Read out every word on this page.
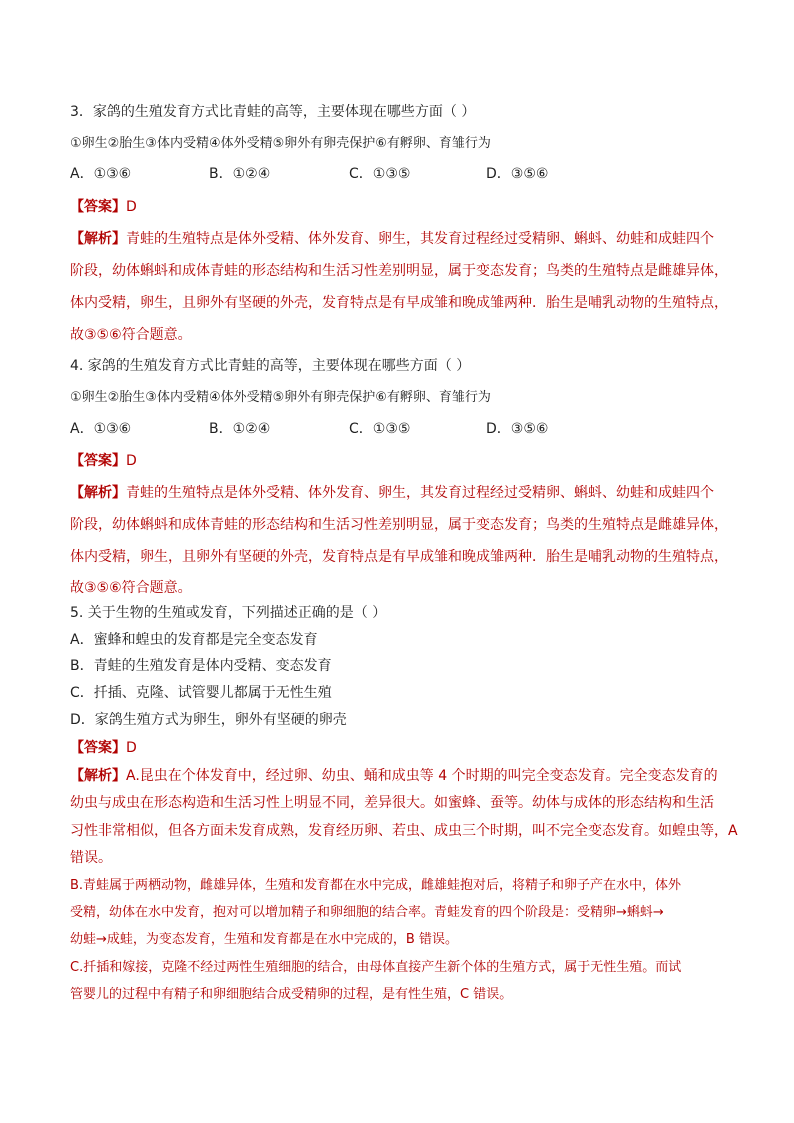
3．家鸽的生殖发育方式比青蛙的高等，主要体现在哪些方面（ ）
①卵生②胎生③体内受精④体外受精⑤卵外有卵壳保护⑥有孵卵、育雏行为
A．①③⑥	B．①②④	C．①③⑤	D．③⑤⑥
【答案】D
【解析】青蛙的生殖特点是体外受精、体外发育、卵生，其发育过程经过受精卵、蝌蚪、幼蛙和成蛙四个
阶段，幼体蝌蚪和成体青蛙的形态结构和生活习性差别明显，属于变态发育；鸟类的生殖特点是雌雄异体，
体内受精，卵生，且卵外有坚硬的外壳，发育特点是有早成雏和晚成雏两种．胎生是哺乳动物的生殖特点，
故③⑤⑥符合题意。
4. 家鸽的生殖发育方式比青蛙的高等，主要体现在哪些方面（ ）
①卵生②胎生③体内受精④体外受精⑤卵外有卵壳保护⑥有孵卵、育雏行为
A．①③⑥	B．①②④	C．①③⑤	D．③⑤⑥
【答案】D
【解析】青蛙的生殖特点是体外受精、体外发育、卵生，其发育过程经过受精卵、蝌蚪、幼蛙和成蛙四个
阶段，幼体蝌蚪和成体青蛙的形态结构和生活习性差别明显，属于变态发育；鸟类的生殖特点是雌雄异体，
体内受精，卵生，且卵外有坚硬的外壳，发育特点是有早成雏和晚成雏两种．胎生是哺乳动物的生殖特点，
故③⑤⑥符合题意。
5. 关于生物的生殖或发育，下列描述正确的是（ ）
A．蜜蜂和蝗虫的发育都是完全变态发育
B．青蛙的生殖发育是体内受精、变态发育
C．扦插、克隆、试管婴儿都属于无性生殖
D．家鸽生殖方式为卵生，卵外有坚硬的卵壳
【答案】D
【解析】A.昆虫在个体发育中，经过卵、幼虫、蛹和成虫等 4 个时期的叫完全变态发育。完全变态发育的
幼虫与成虫在形态构造和生活习性上明显不同，差异很大。如蜜蜂、蚕等。幼体与成体的形态结构和生活
习性非常相似，但各方面未发育成熟，发育经历卵、若虫、成虫三个时期，叫不完全变态发育。如蝗虫等，A
错误。
B.青蛙属于两栖动物，雌雄异体，生殖和发育都在水中完成，雌雄蛙抱对后，将精子和卵子产在水中，体外
受精，幼体在水中发育，抱对可以增加精子和卵细胞的结合率。青蛙发育的四个阶段是：受精卵→蝌蚪→
幼蛙→成蛙，为变态发育，生殖和发育都是在水中完成的，B 错误。
C.扦插和嫁接，克隆不经过两性生殖细胞的结合，由母体直接产生新个体的生殖方式，属于无性生殖。而试
管婴儿的过程中有精子和卵细胞结合成受精卵的过程，是有性生殖，C 错误。
